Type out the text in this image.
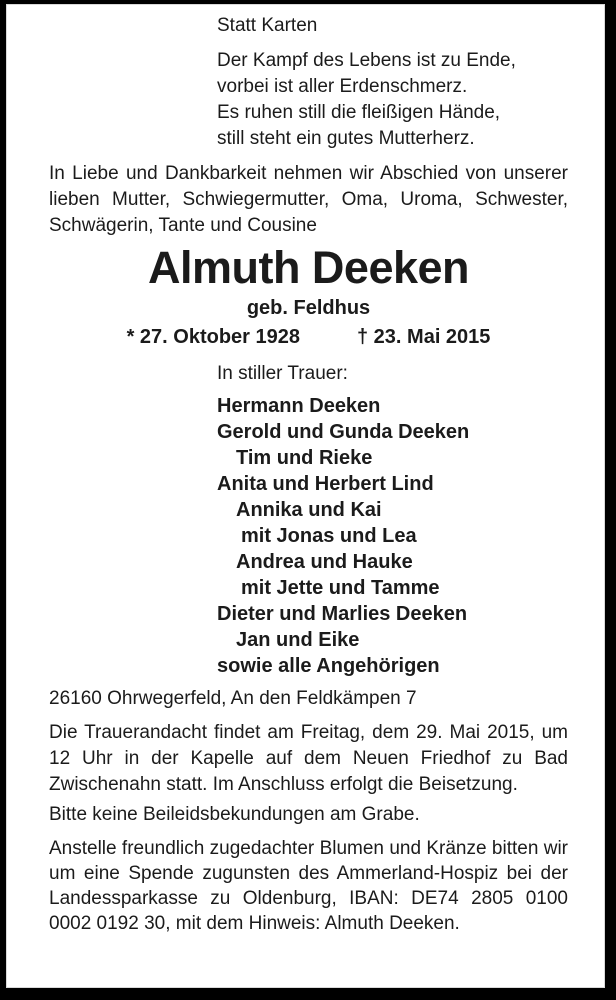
Statt Karten
Der Kampf des Lebens ist zu Ende,
vorbei ist aller Erdenschmerz.
Es ruhen still die fleißigen Hände,
still steht ein gutes Mutterherz.
In Liebe und Dankbarkeit nehmen wir Abschied von unserer lieben Mutter, Schwiegermutter, Oma, Uroma, Schwester, Schwägerin, Tante und Cousine
Almuth Deeken
geb. Feldhus
* 27. Oktober 1928	† 23. Mai 2015
In stiller Trauer:
Hermann Deeken
Gerold und Gunda Deeken
Tim und Rieke
Anita und Herbert Lind
Annika und Kai
mit Jonas und Lea
Andrea und Hauke
mit Jette und Tamme
Dieter und Marlies Deeken
Jan und Eike
sowie alle Angehörigen
26160 Ohrwegerfeld, An den Feldkämpen 7
Die Trauerandacht findet am Freitag, dem 29. Mai 2015, um 12 Uhr in der Kapelle auf dem Neuen Friedhof zu Bad Zwischenahn statt. Im Anschluss erfolgt die Beisetzung.
Bitte keine Beileidsbekundungen am Grabe.
Anstelle freundlich zugedachter Blumen und Kränze bitten wir um eine Spende zugunsten des Ammerland-Hospiz bei der Landessparkasse zu Oldenburg, IBAN: DE74 2805 0100 0002 0192 30, mit dem Hinweis: Almuth Deeken.
